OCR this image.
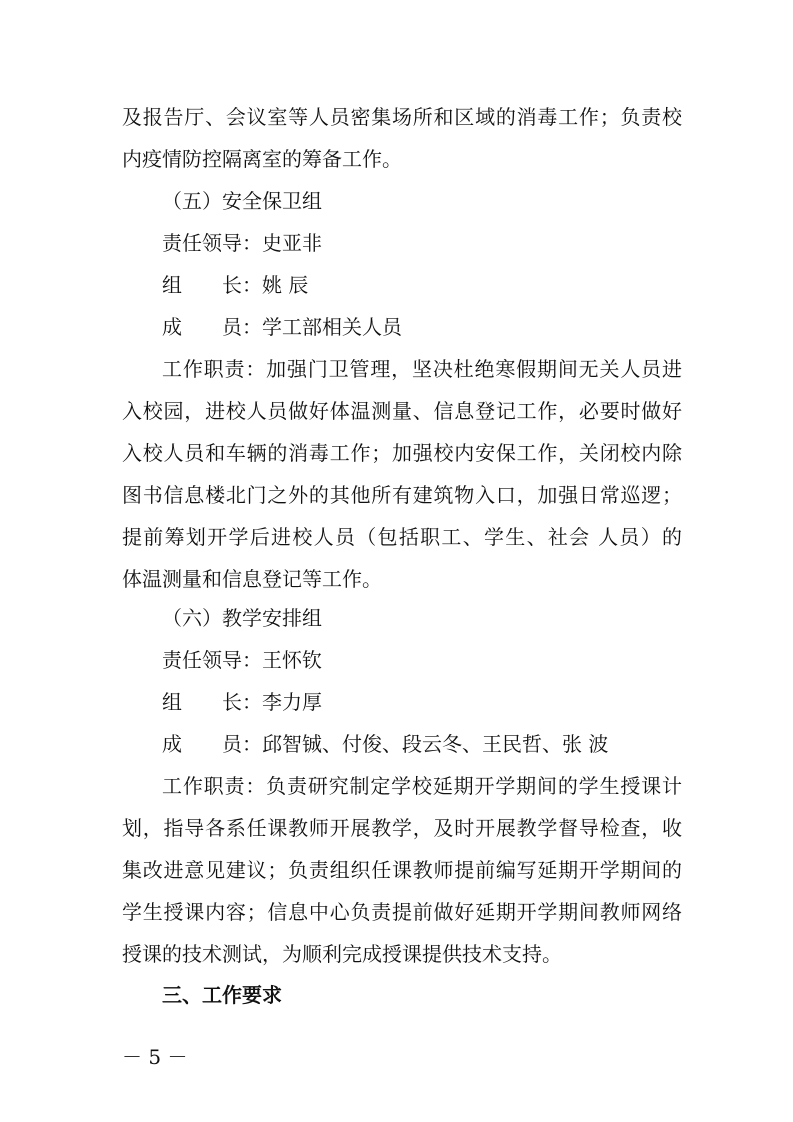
及报告厅、会议室等人员密集场所和区域的消毒工作；负责校
内疫情防控隔离室的筹备工作。
（五）安全保卫组
责任领导：史亚非
组　　长：姚 辰
成　　员：学工部相关人员
工作职责：加强门卫管理，坚决杜绝寒假期间无关人员进
入校园，进校人员做好体温测量、信息登记工作，必要时做好
入校人员和车辆的消毒工作；加强校内安保工作，关闭校内除
图书信息楼北门之外的其他所有建筑物入口，加强日常巡逻；
提前筹划开学后进校人员（包括职工、学生、社会 人员）的
体温测量和信息登记等工作。
（六）教学安排组
责任领导：王怀钦
组　　长：李力厚
成　　员：邱智铖、付俊、段云冬、王民哲、张 波
工作职责：负责研究制定学校延期开学期间的学生授课计
划，指导各系任课教师开展教学，及时开展教学督导检查，收
集改进意见建议；负责组织任课教师提前编写延期开学期间的
学生授课内容；信息中心负责提前做好延期开学期间教师网络
授课的技术测试，为顺利完成授课提供技术支持。
三、工作要求
－ 5 －
